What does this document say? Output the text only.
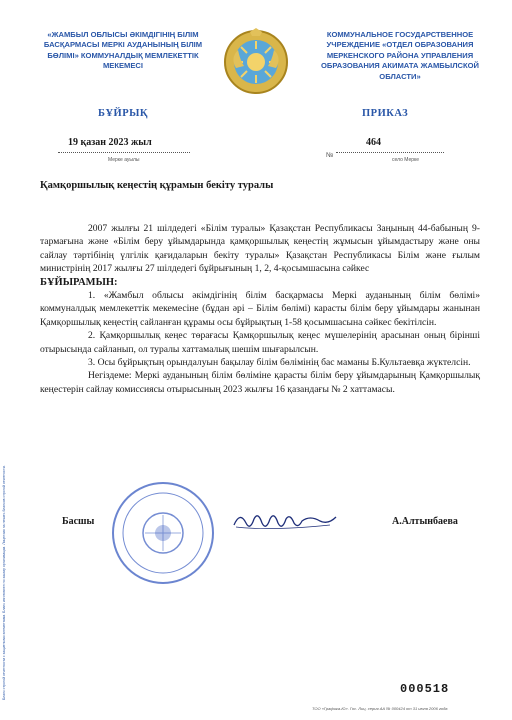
«ЖАМБЫЛ ОБЛЫСЫ ӘКІМДІГІНІҢ БІЛІМ БАСҚАРМАСЫ МЕРКІ АУДАНЫНЫҢ БІЛІМ БӨЛІМІ» КОММУНАЛДЫҚ МЕМЛЕКЕТТІК МЕКЕМЕСІ
КОММУНАЛЬНОЕ ГОСУДАРСТВЕННОЕ УЧРЕЖДЕНИЕ «ОТДЕЛ ОБРАЗОВАНИЯ МЕРКЕНСКОГО РАЙОНА УПРАВЛЕНИЯ ОБРАЗОВАНИЯ АКИМАТА ЖАМБЫЛСКОЙ ОБЛАСТИ»
БҰЙРЫҚ	ПРИКАЗ
19 қазан 2023 жыл	464
Мерке ауылы
№
село Мерке
Қамқоршылық кеңестің құрамын бекіту туралы

2007 жылғы 21 шілдедегі «Білім туралы» Қазақстан Республикасы Заңының 44-бабының 9-тармағына және «Білім беру ұйымдарында қамқоршылық кеңестің жұмысын ұйымдастыру және оны сайлау тәртібінің үлгілік қағидаларын бекіту туралы» Қазақстан Республикасы Білім және ғылым министрінің 2017 жылғы 27 шілдедегі бұйрығының 1, 2, 4-қосымшасына сәйкес

БҰЙЫРАМЫН:

1. «Жамбыл облысы әкімдігінің білім басқармасы Меркі ауданының білім бөлімі» коммуналдық мемлекеттік мекемесіне (бұдан әрі – Білім бөлімі) карасты білім беру ұйымдары жанынан Қамқоршылық кеңестің сайланған құрамы осы бұйрықтың 1-58 қосымшасына сәйкес бекітілсін.

2. Қамқоршылық кеңес төрағасы Қамқоршылық кеңес мүшелерінің арасынан оның бірінші отырысында сайланып, ол туралы хаттамалық шешім шығарылсын.

3. Осы бұйрықтың орындалуын бақылау білім бөлімінің бас маманы Б.Культаевқа жүктелсін.

Негіздеме: Меркі ауданының білім бөліміне қарасты білім беру ұйымдарының Қамқоршылық кеңестерін сайлау комиссиясы отырысының 2023 жылғы 16 қазандағы № 2 хаттамасы.

Басшы	А.Алтынбаева
Бланк строгой отчетности с защитными элементами. Бланк изготовлен по заказу организации. Лицензия на печать бланков строгой отчетности.	000518
ТОО «Графика-Ю». Гос. Лиц. серия АА № 000424 от 31 июля 2006 года
